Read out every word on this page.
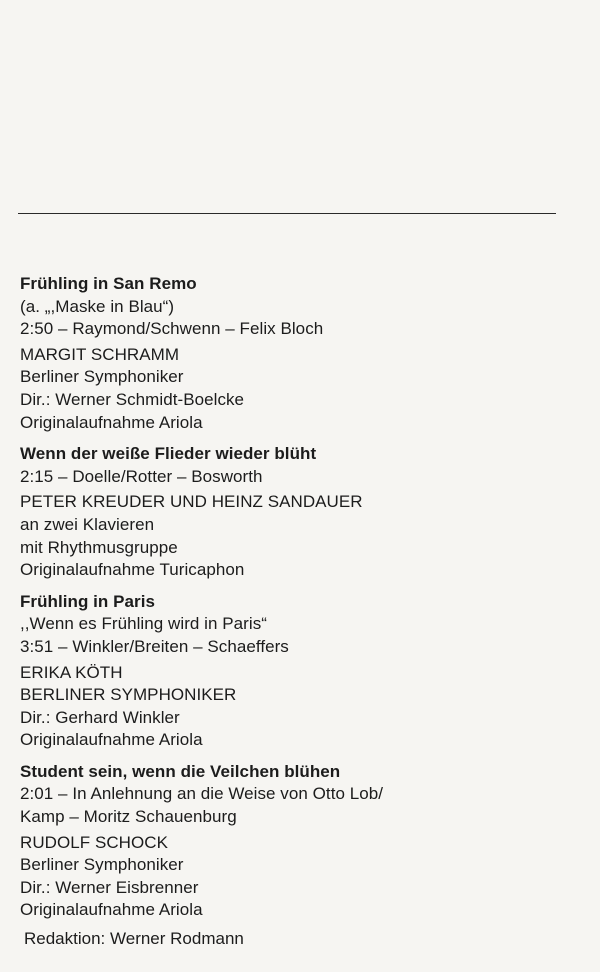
Frühling in San Remo
(a. „,Maske in Blau“)
2:50 – Raymond/Schwenn – Felix Bloch
MARGIT SCHRAMM
Berliner Symphoniker
Dir.: Werner Schmidt-Boelcke
Originalaufnahme Ariola
Wenn der weiße Flieder wieder blüht
2:15 – Doelle/Rotter – Bosworth
PETER KREUDER UND HEINZ SANDAUER
an zwei Klavieren
mit Rhythmusgruppe
Originalaufnahme Turicaphon
Frühling in Paris
,,Wenn es Frühling wird in Paris“
3:51 – Winkler/Breiten – Schaeffers
ERIKA KÖTH
BERLINER SYMPHONIKER
Dir.: Gerhard Winkler
Originalaufnahme Ariola
Student sein, wenn die Veilchen blühen
2:01 – In Anlehnung an die Weise von Otto Lob/
Kamp – Moritz Schauenburg
RUDOLF SCHOCK
Berliner Symphoniker
Dir.: Werner Eisbrenner
Originalaufnahme Ariola
Redaktion: Werner Rodmann
